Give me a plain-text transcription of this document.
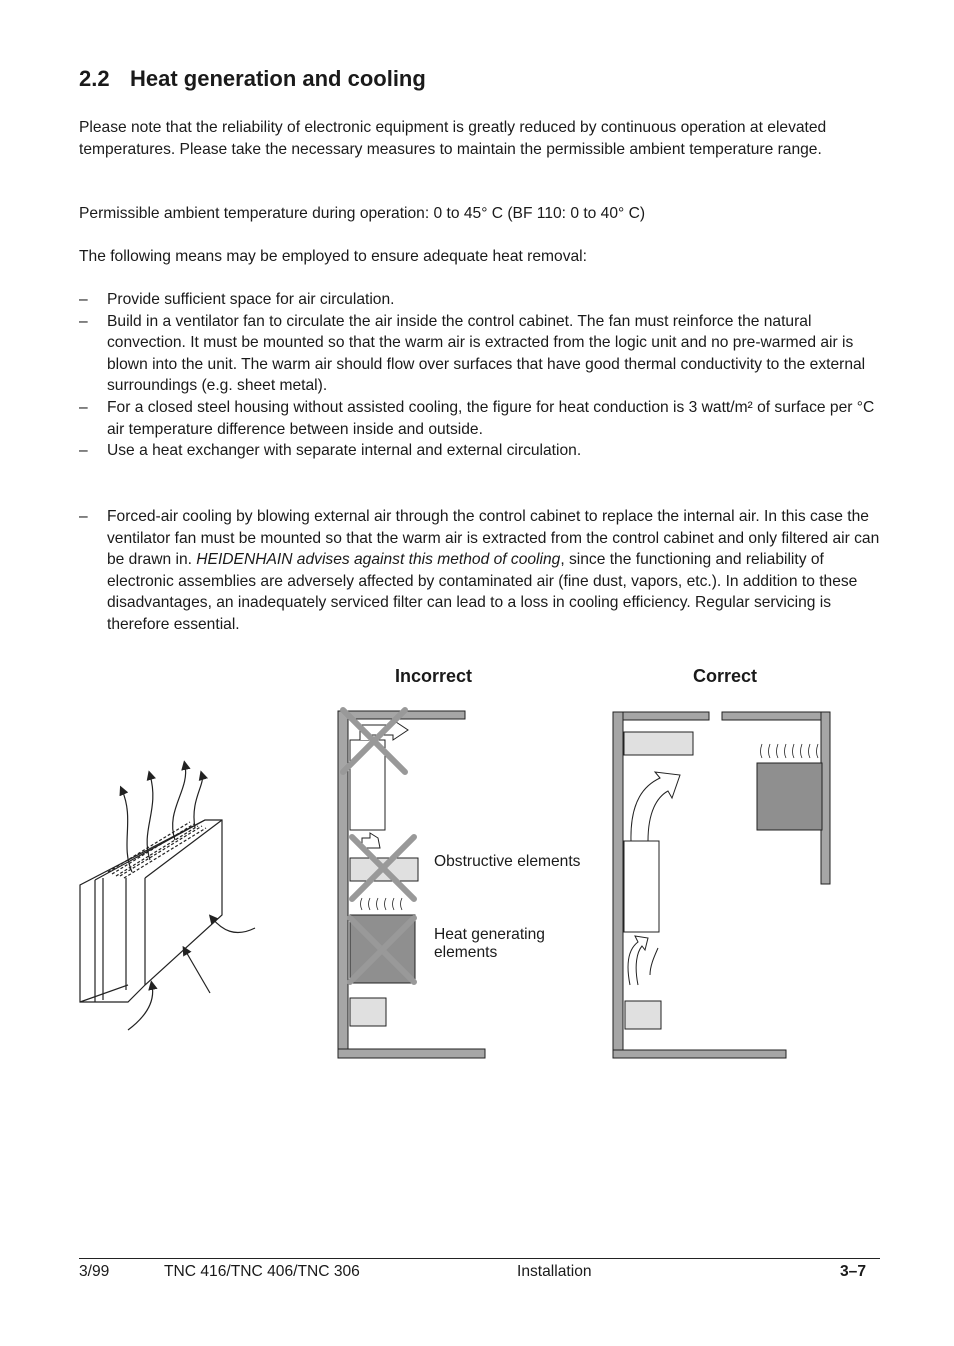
2.2 Heat generation and cooling

Please note that the reliability of electronic equipment is greatly reduced by continuous operation at elevated temperatures. Please take the necessary measures to maintain the permissible ambient temperature range.

Permissible ambient temperature during operation: 0 to 45° C (BF 110: 0 to 40° C)

The following means may be employed to ensure adequate heat removal:

– Provide sufficient space for air circulation.
– Build in a ventilator fan to circulate the air inside the control cabinet. The fan must reinforce the natural convection. It must be mounted so that the warm air is extracted from the logic unit and no pre-warmed air is blown into the unit. The warm air should flow over surfaces that have good thermal conductivity to the external surroundings (e.g. sheet metal).
– For a closed steel housing without assisted cooling, the figure for heat conduction is 3 watt/m² of surface per °C air temperature difference between inside and outside.
– Use a heat exchanger with separate internal and external circulation.
– Forced-air cooling by blowing external air through the control cabinet to replace the internal air. In this case the ventilator fan must be mounted so that the warm air is extracted from the control cabinet and only filtered air can be drawn in. HEIDENHAIN advises against this method of cooling, since the functioning and reliability of electronic assemblies are adversely affected by contaminated air (fine dust, vapors, etc.). In addition to these disadvantages, an inadequately serviced filter can lead to a loss in cooling efficiency. Regular servicing is therefore essential.
Incorrect	Correct
Obstructive elements
Heat generating elements
3/99	TNC 416/TNC 406/TNC 306	Installation	3–7
